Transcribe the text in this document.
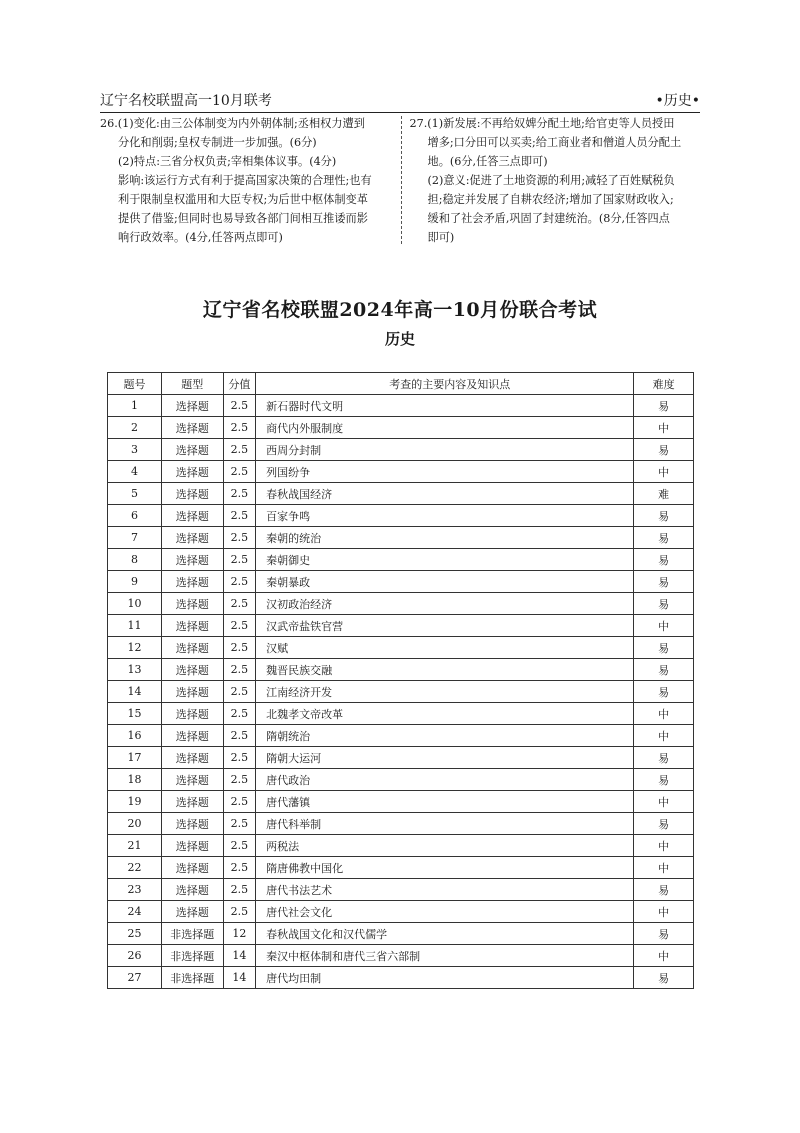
辽宁名校联盟高一10月联考	•历史•
26.(1)变化:由三公体制变为内外朝体制;丞相权力遭到
分化和削弱;皇权专制进一步加强。(6分)
(2)特点:三省分权负责;宰相集体议事。(4分)
影响:该运行方式有利于提高国家决策的合理性;也有
利于限制皇权滥用和大臣专权;为后世中枢体制变革
提供了借鉴;但同时也易导致各部门间相互推诿而影
响行政效率。(4分,任答两点即可)
27.(1)新发展:不再给奴婢分配土地;给官吏等人员授田
增多;口分田可以买卖;给工商业者和僧道人员分配土
地。(6分,任答三点即可)
(2)意义:促进了土地资源的利用;减轻了百姓赋税负
担;稳定并发展了自耕农经济;增加了国家财政收入;
缓和了社会矛盾,巩固了封建统治。(8分,任答四点
即可)
辽宁省名校联盟2024年高一10月份联合考试
历史
题号	题型	分值	考查的主要内容及知识点	难度
1	选择题	2.5	新石器时代文明	易
2	选择题	2.5	商代内外服制度	中
3	选择题	2.5	西周分封制	易
4	选择题	2.5	列国纷争	中
5	选择题	2.5	春秋战国经济	难
6	选择题	2.5	百家争鸣	易
7	选择题	2.5	秦朝的统治	易
8	选择题	2.5	秦朝御史	易
9	选择题	2.5	秦朝暴政	易
10	选择题	2.5	汉初政治经济	易
11	选择题	2.5	汉武帝盐铁官营	中
12	选择题	2.5	汉赋	易
13	选择题	2.5	魏晋民族交融	易
14	选择题	2.5	江南经济开发	易
15	选择题	2.5	北魏孝文帝改革	中
16	选择题	2.5	隋朝统治	中
17	选择题	2.5	隋朝大运河	易
18	选择题	2.5	唐代政治	易
19	选择题	2.5	唐代藩镇	中
20	选择题	2.5	唐代科举制	易
21	选择题	2.5	两税法	中
22	选择题	2.5	隋唐佛教中国化	中
23	选择题	2.5	唐代书法艺术	易
24	选择题	2.5	唐代社会文化	中
25	非选择题	12	春秋战国文化和汉代儒学	易
26	非选择题	14	秦汉中枢体制和唐代三省六部制	中
27	非选择题	14	唐代均田制	易
